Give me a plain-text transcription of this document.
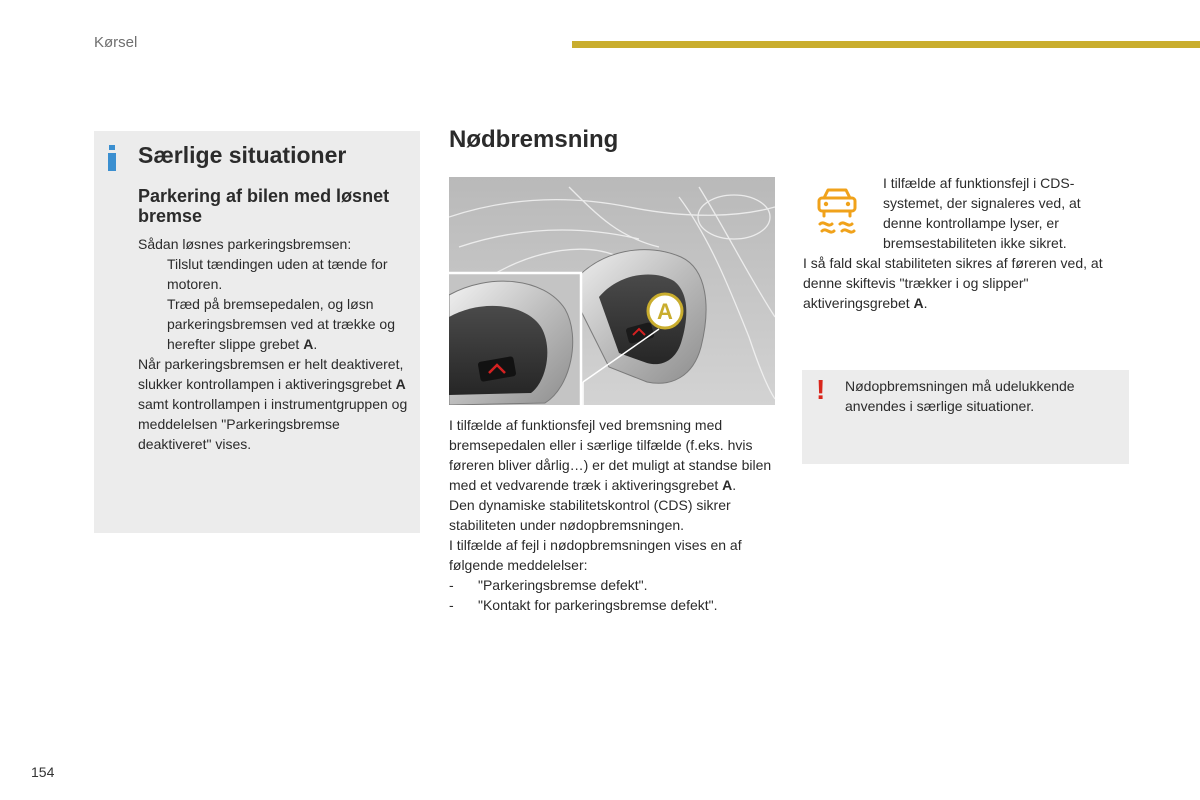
Kørsel
Særlige situationer
Parkering af bilen med løsnet bremse

Sådan løsnes parkeringsbremsen:

Tilslut tændingen uden at tænde for motoren.
Træd på bremsepedalen, og løsn parkeringsbremsen ved at trække og herefter slippe grebet A.

Når parkeringsbremsen er helt deaktiveret, slukker kontrollampen i aktiveringsgrebet A samt kontrollampen i instrumentgruppen og meddelelsen "Parkeringsbremse deaktiveret" vises.

Nødbremsning
A

I tilfælde af funktionsfejl ved bremsning med bremsepedalen eller i særlige tilfælde (f.eks. hvis føreren bliver dårlig…) er det muligt at standse bilen med et vedvarende træk i aktiveringsgrebet A.

Den dynamiske stabilitetskontrol (CDS) sikrer stabiliteten under nødopbremsningen.

I tilfælde af fejl i nødopbremsningen vises en af følgende meddelelser:

- "Parkeringsbremse defekt".
- "Kontakt for parkeringsbremse defekt".
I tilfælde af funktionsfejl i CDS-systemet, der signaleres ved, at denne kontrollampe lyser, er bremsestabiliteten ikke sikret.
I så fald skal stabiliteten sikres af føreren ved, at denne skiftevis "trækker i og slipper" aktiveringsgrebet A.
! Nødopbremsningen må udelukkende anvendes i særlige situationer.
154
